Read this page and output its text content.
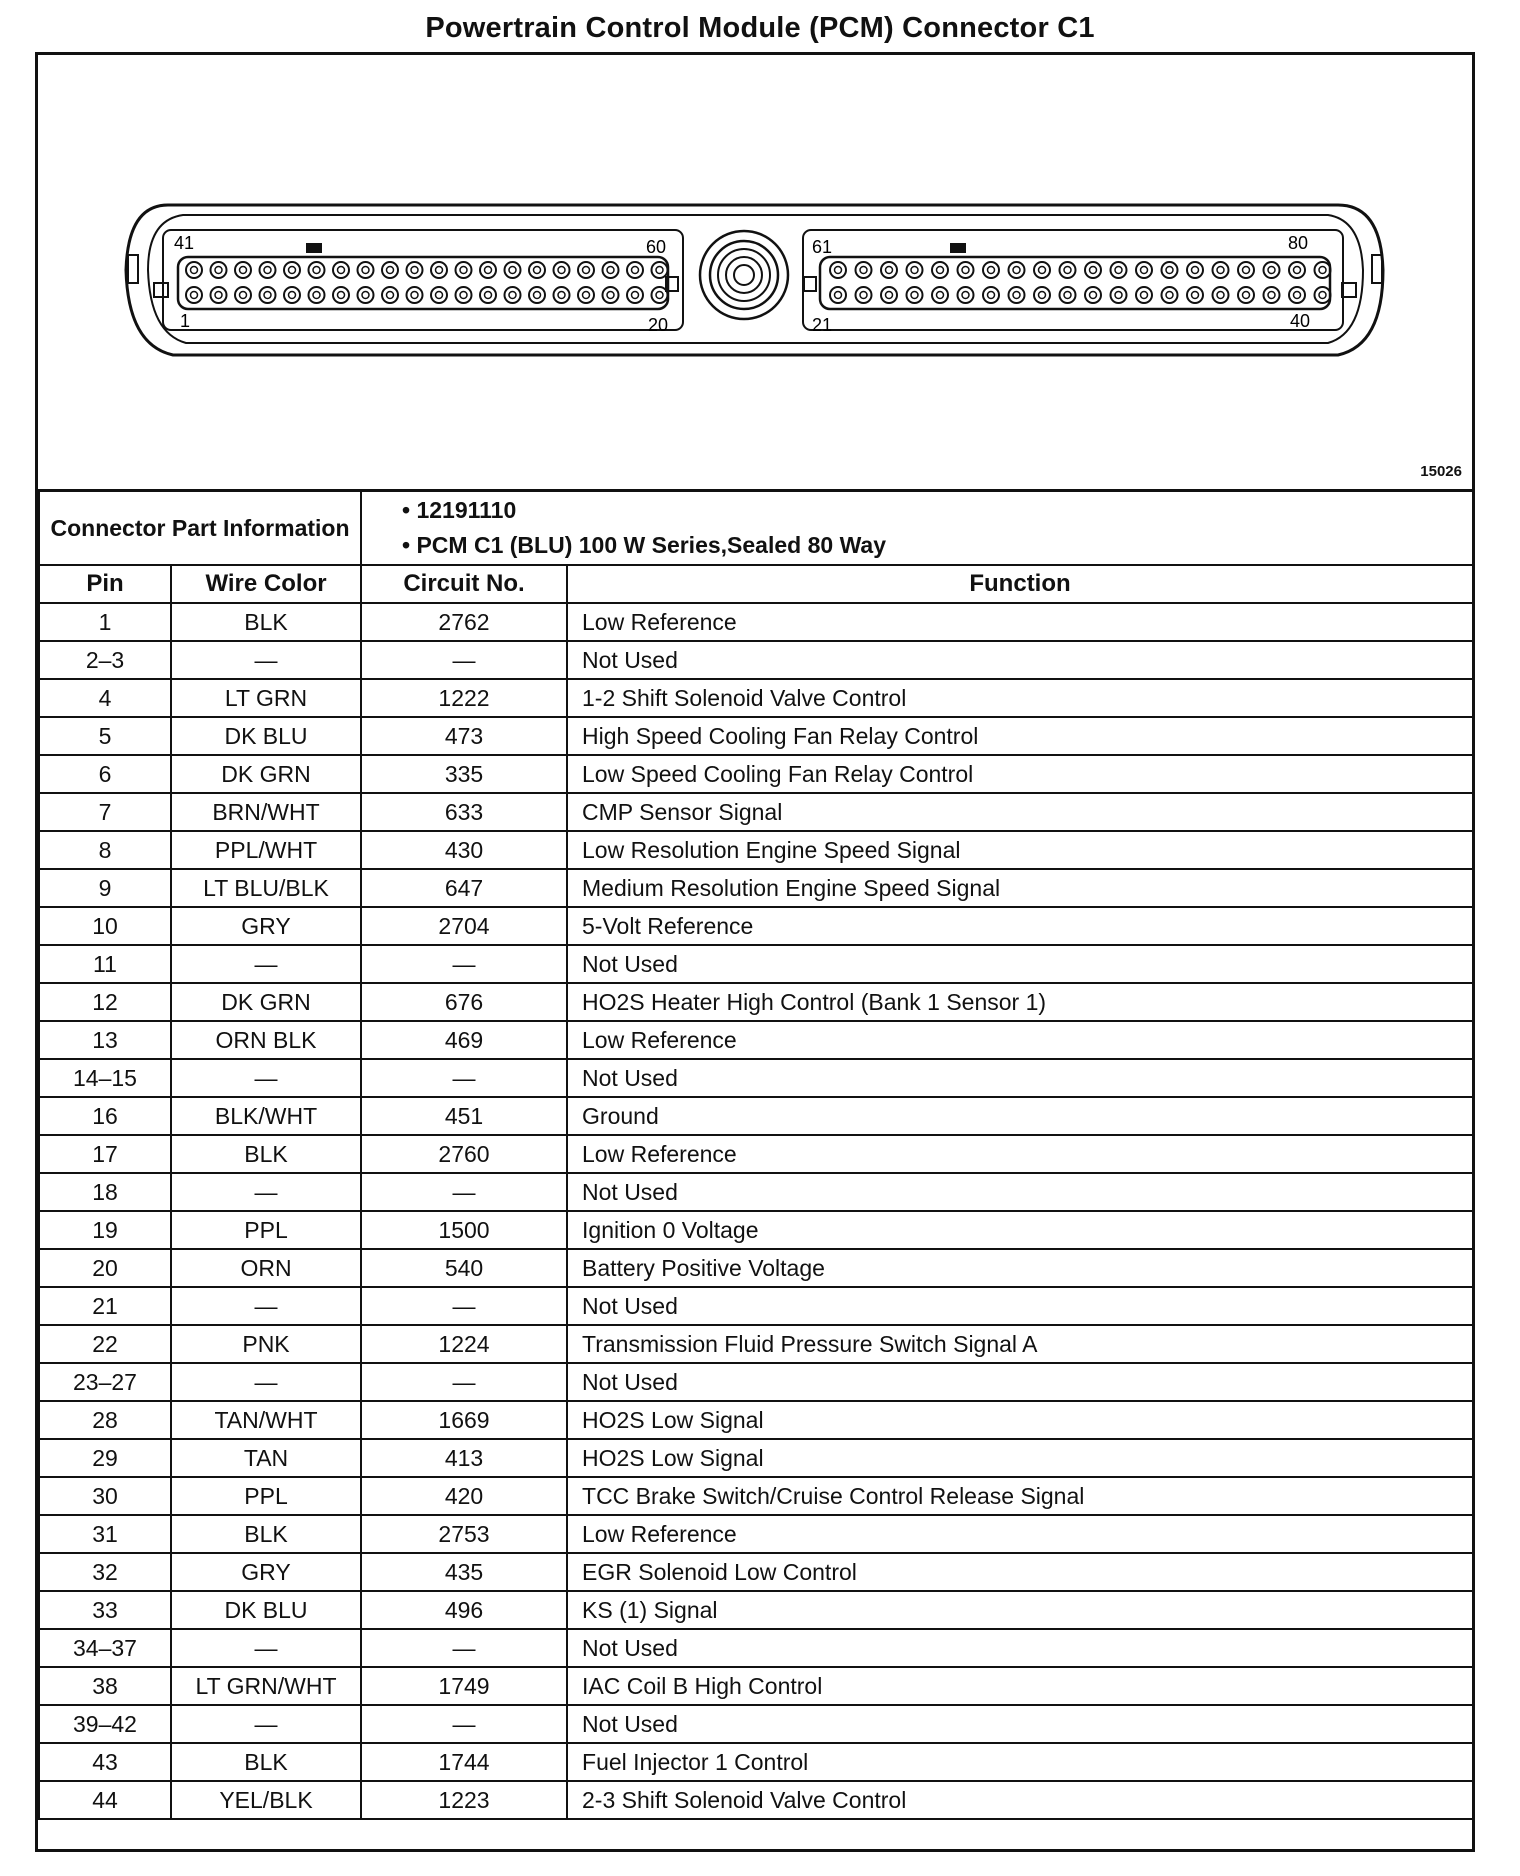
Powertrain Control Module (PCM) Connector C1
41	60
1	20
61	80
21	40
15026
Connector Part Information		• 12191110
• PCM C1 (BLU) 100 W Series,Sealed 80 Way

Pin	Wire Color	Circuit No.	Function
1	BLK	2762	Low Reference
2–3	—	—	Not Used
4	LT GRN	1222	1-2 Shift Solenoid Valve Control
5	DK BLU	473	High Speed Cooling Fan Relay Control
6	DK GRN	335	Low Speed Cooling Fan Relay Control
7	BRN/WHT	633	CMP Sensor Signal
8	PPL/WHT	430	Low Resolution Engine Speed Signal
9	LT BLU/BLK	647	Medium Resolution Engine Speed Signal
10	GRY	2704	5-Volt Reference
11	—	—	Not Used
12	DK GRN	676	HO2S Heater High Control (Bank 1 Sensor 1)
13	ORN BLK	469	Low Reference
14–15	—	—	Not Used
16	BLK/WHT	451	Ground
17	BLK	2760	Low Reference
18	—	—	Not Used
19	PPL	1500	Ignition 0 Voltage
20	ORN	540	Battery Positive Voltage
21	—	—	Not Used
22	PNK	1224	Transmission Fluid Pressure Switch Signal A
23–27	—	—	Not Used
28	TAN/WHT	1669	HO2S Low Signal
29	TAN	413	HO2S Low Signal
30	PPL	420	TCC Brake Switch/Cruise Control Release Signal
31	BLK	2753	Low Reference
32	GRY	435	EGR Solenoid Low Control
33	DK BLU	496	KS (1) Signal
34–37	—	—	Not Used
38	LT GRN/WHT	1749	IAC Coil B High Control
39–42	—	—	Not Used
43	BLK	1744	Fuel Injector 1 Control
44	YEL/BLK	1223	2-3 Shift Solenoid Valve Control
